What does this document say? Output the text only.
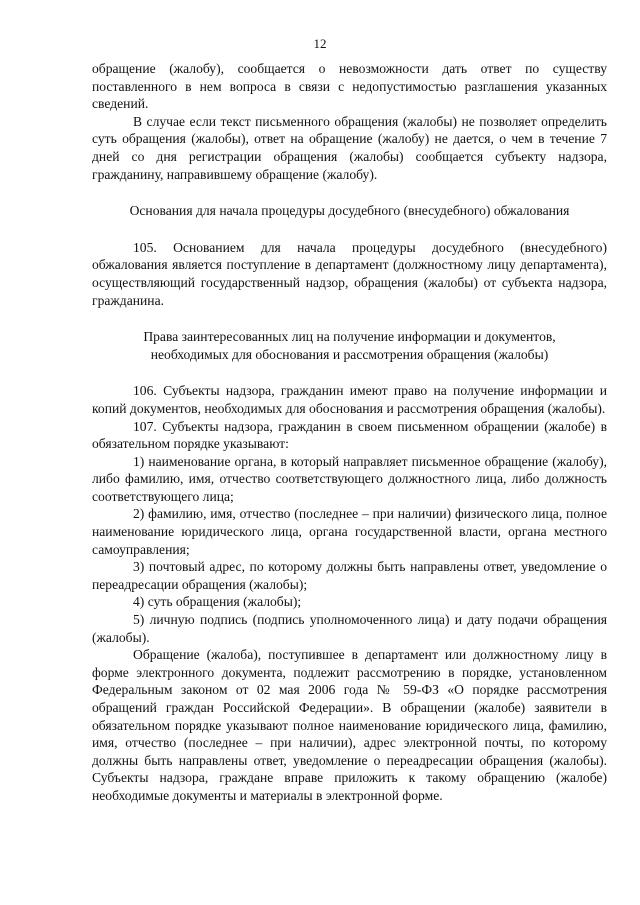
12

обращение (жалобу), сообщается о невозможности дать ответ по существу поставленного в нем вопроса в связи с недопустимостью разглашения указанных сведений.

В случае если текст письменного обращения (жалобы) не позволяет определить суть обращения (жалобы), ответ на обращение (жалобу) не дается, о чем в течение 7 дней со дня регистрации обращения (жалобы) сообщается субъекту надзора, гражданину, направившему обращение (жалобу).

Основания для начала процедуры досудебного (внесудебного) обжалования

105. Основанием для начала процедуры досудебного (внесудебного) обжалования является поступление в департамент (должностному лицу департамента), осуществляющий государственный надзор, обращения (жалобы) от субъекта надзора, гражданина.

Права заинтересованных лиц на получение информации и документов,
необходимых для обоснования и рассмотрения обращения (жалобы)

106. Субъекты надзора, гражданин имеют право на получение информации и копий документов, необходимых для обоснования и рассмотрения обращения (жалобы).

107. Субъекты надзора, гражданин в своем письменном обращении (жалобе) в обязательном порядке указывают:

1) наименование органа, в который направляет письменное обращение (жалобу), либо фамилию, имя, отчество соответствующего должностного лица, либо должность соответствующего лица;

2) фамилию, имя, отчество (последнее – при наличии) физического лица, полное наименование юридического лица, органа государственной власти, органа местного самоуправления;

3) почтовый адрес, по которому должны быть направлены ответ, уведомление о переадресации обращения (жалобы);

4) суть обращения (жалобы);

5) личную подпись (подпись уполномоченного лица) и дату подачи обращения (жалобы).

Обращение (жалоба), поступившее в департамент или должностному лицу в форме электронного документа, подлежит рассмотрению в порядке, установленном Федеральным законом от 02 мая 2006 года № 59-ФЗ «О порядке рассмотрения обращений граждан Российской Федерации». В обращении (жалобе) заявители в обязательном порядке указывают полное наименование юридического лица, фамилию, имя, отчество (последнее – при наличии), адрес электронной почты, по которому должны быть направлены ответ, уведомление о переадресации обращения (жалобы). Субъекты надзора, граждане вправе приложить к такому обращению (жалобе) необходимые документы и материалы в электронной форме.
